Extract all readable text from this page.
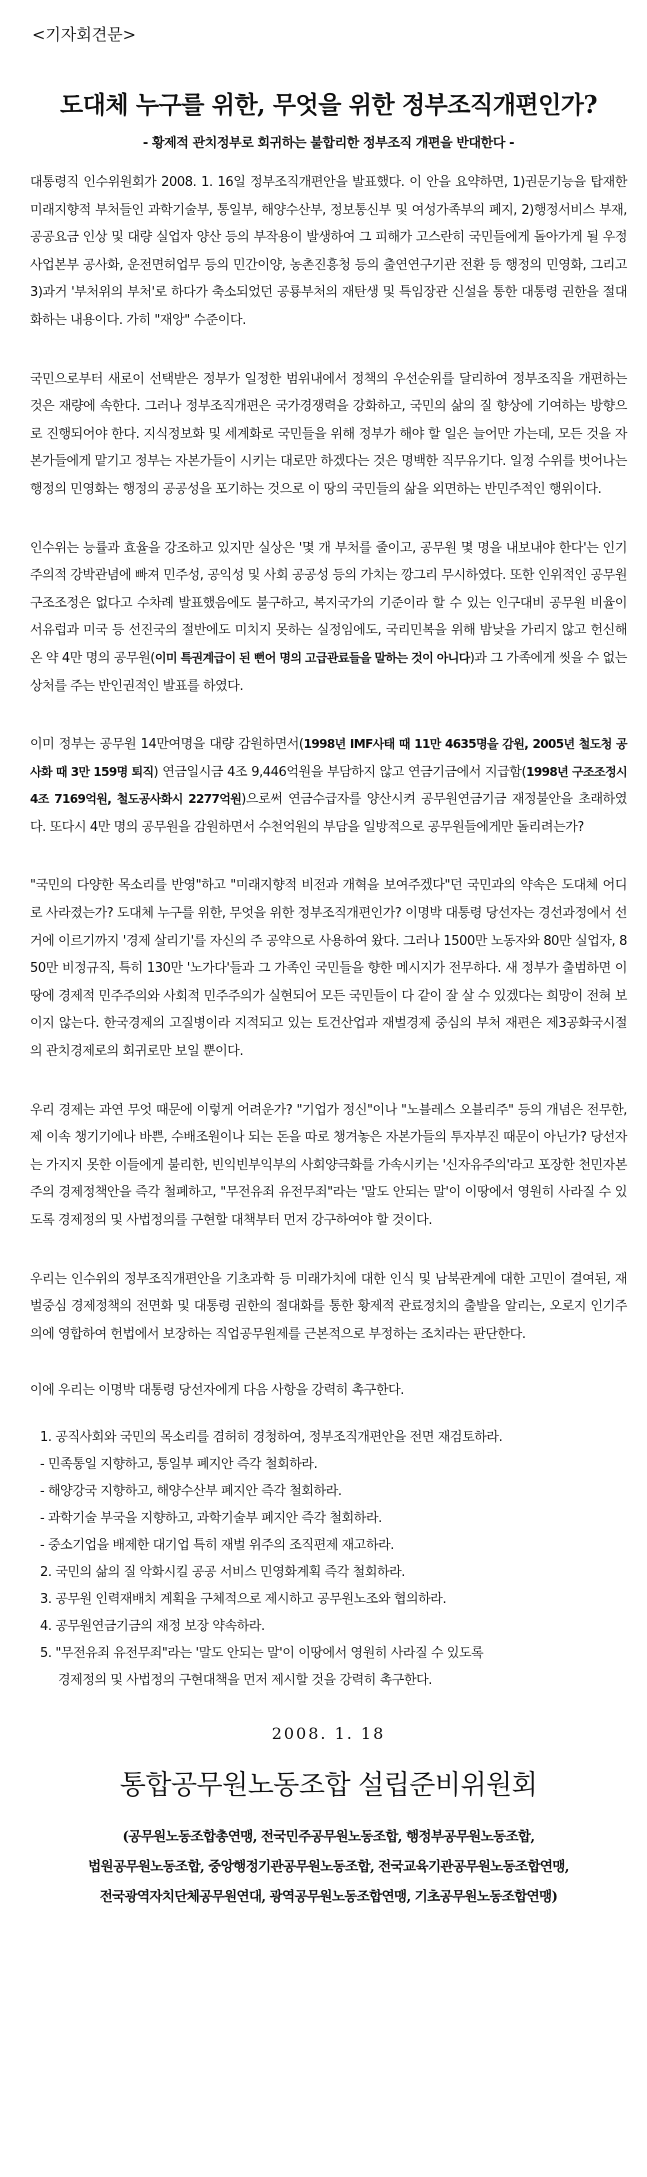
<기자회견문>
도대체 누구를 위한, 무엇을 위한 정부조직개편인가?
- 황제적 관치정부로 회귀하는 불합리한 정부조직 개편을 반대한다 -

대통령직 인수위원회가 2008. 1. 16일 정부조직개편안을 발표했다. 이 안을 요약하면, 1)권문기능을 탑재한 미래지향적 부처들인 과학기술부, 통일부, 해양수산부, 정보통신부 및 여성가족부의 폐지, 2)행정서비스 부재, 공공요금 인상 및 대량 실업자 양산 등의 부작용이 발생하여 그 피해가 고스란히 국민들에게 돌아가게 될 우정사업본부 공사화, 운전면허업무 등의 민간이양, 농촌진흥청 등의 출연연구기관 전환 등 행정의 민영화, 그리고 3)과거 '부처위의 부처'로 하다가 축소되었던 공룡부처의 재탄생 및 특임장관 신설을 통한 대통령 권한을 절대화하는 내용이다. 가히 "재앙" 수준이다.

국민으로부터 새로이 선택받은 정부가 일정한 범위내에서 정책의 우선순위를 달리하여 정부조직을 개편하는 것은 재량에 속한다. 그러나 정부조직개편은 국가경쟁력을 강화하고, 국민의 삶의 질 향상에 기여하는 방향으로 진행되어야 한다. 지식정보화 및 세계화로 국민들을 위해 정부가 해야 할 일은 늘어만 가는데, 모든 것을 자본가들에게 맡기고 정부는 자본가들이 시키는 대로만 하겠다는 것은 명백한 직무유기다. 일정 수위를 벗어나는 행정의 민영화는 행정의 공공성을 포기하는 것으로 이 땅의 국민들의 삶을 외면하는 반민주적인 행위이다.

인수위는 능률과 효율을 강조하고 있지만 실상은 '몇 개 부처를 줄이고, 공무원 몇 명을 내보내야 한다'는 인기주의적 강박관념에 빠져 민주성, 공익성 및 사회 공공성 등의 가치는 깡그리 무시하였다. 또한 인위적인 공무원 구조조정은 없다고 수차례 발표했음에도 불구하고, 복지국가의 기준이라 할 수 있는 인구대비 공무원 비율이 서유럽과 미국 등 선진국의 절반에도 미치지 못하는 실정임에도, 국리민복을 위해 밤낮을 가리지 않고 헌신해온 약 4만 명의 공무원(이미 특권계급이 된 뻔어 명의 고급관료들을 말하는 것이 아니다)과 그 가족에게 씻을 수 없는 상처를 주는 반인권적인 발표를 하였다.

이미 정부는 공무원 14만여명을 대량 감원하면서(1998년 IMF사태 때 11만 4635명을 감원, 2005년 철도청 공사화 때 3만 159명 퇴직) 연금일시금 4조 9,446억원을 부담하지 않고 연금기금에서 지급함(1998년 구조조정시 4조 7169억원, 철도공사화시 2277억원)으로써 연금수급자를 양산시켜 공무원연금기금 재정불안을 초래하였다. 또다시 4만 명의 공무원을 감원하면서 수천억원의 부담을 일방적으로 공무원들에게만 돌리려는가?

"국민의 다양한 목소리를 반영"하고 "미래지향적 비전과 개혁을 보여주겠다"던 국민과의 약속은 도대체 어디로 사라졌는가? 도대체 누구를 위한, 무엇을 위한 정부조직개편인가? 이명박 대통령 당선자는 경선과정에서 선거에 이르기까지 '경제 살리기'를 자신의 주 공약으로 사용하여 왔다. 그러나 1500만 노동자와 80만 실업자, 850만 비정규직, 특히 130만 '노가다'들과 그 가족인 국민들을 향한 메시지가 전무하다. 새 정부가 출범하면 이 땅에 경제적 민주주의와 사회적 민주주의가 실현되어 모든 국민들이 다 같이 잘 살 수 있겠다는 희망이 전혀 보이지 않는다. 한국경제의 고질병이라 지적되고 있는 토건산업과 재벌경제 중심의 부처 재편은 제3공화국시절의 관치경제로의 회귀로만 보일 뿐이다.

우리 경제는 과연 무엇 때문에 이렇게 어려운가? "기업가 정신"이나 "노블레스 오블리주" 등의 개념은 전무한, 제 이속 챙기기에나 바쁜, 수배조원이나 되는 돈을 따로 챙겨놓은 자본가들의 투자부진 때문이 아닌가? 당선자는 가지지 못한 이들에게 불리한, 빈익빈부익부의 사회양극화를 가속시키는 '신자유주의'라고 포장한 천민자본주의 경제정책안을 즉각 철폐하고, "무전유죄 유전무죄"라는 '말도 안되는 말'이 이땅에서 영원히 사라질 수 있도록 경제정의 및 사법정의를 구현할 대책부터 먼저 강구하여야 할 것이다.

우리는 인수위의 정부조직개편안을 기초과학 등 미래가치에 대한 인식 및 남북관계에 대한 고민이 결여된, 재벌중심 경제정책의 전면화 및 대통령 권한의 절대화를 통한 황제적 관료정치의 출발을 알리는, 오로지 인기주의에 영합하여 헌법에서 보장하는 직업공무원제를 근본적으로 부정하는 조치라는 판단한다.

이에 우리는 이명박 대통령 당선자에게 다음 사항을 강력히 촉구한다.
1. 공직사회와 국민의 목소리를 겸허히 경청하여, 정부조직개편안을 전면 재검토하라.
- 민족통일 지향하고, 통일부 폐지안 즉각 철회하라.
- 해양강국 지향하고, 해양수산부 폐지안 즉각 철회하라.
- 과학기술 부국을 지향하고, 과학기술부 폐지안 즉각 철회하라.
- 중소기업을 배제한 대기업 특히 재벌 위주의 조직편제 재고하라.
2. 국민의 삶의 질 악화시킬 공공 서비스 민영화계획 즉각 철회하라.
3. 공무원 인력재배치 계획을 구체적으로 제시하고 공무원노조와 협의하라.
4. 공무원연금기금의 재정 보장 약속하라.
5. "무전유죄 유전무죄"라는 '말도 안되는 말'이 이땅에서 영원히 사라질 수 있도록
경제정의 및 사법정의 구현대책을 먼저 제시할 것을 강력히 촉구한다.
2008. 1. 18
통합공무원노동조합 설립준비위원회
(공무원노동조합총연맹, 전국민주공무원노동조합, 행정부공무원노동조합,
법원공무원노동조합, 중앙행정기관공무원노동조합, 전국교육기관공무원노동조합연맹,
전국광역자치단체공무원연대, 광역공무원노동조합연맹, 기초공무원노동조합연맹)
